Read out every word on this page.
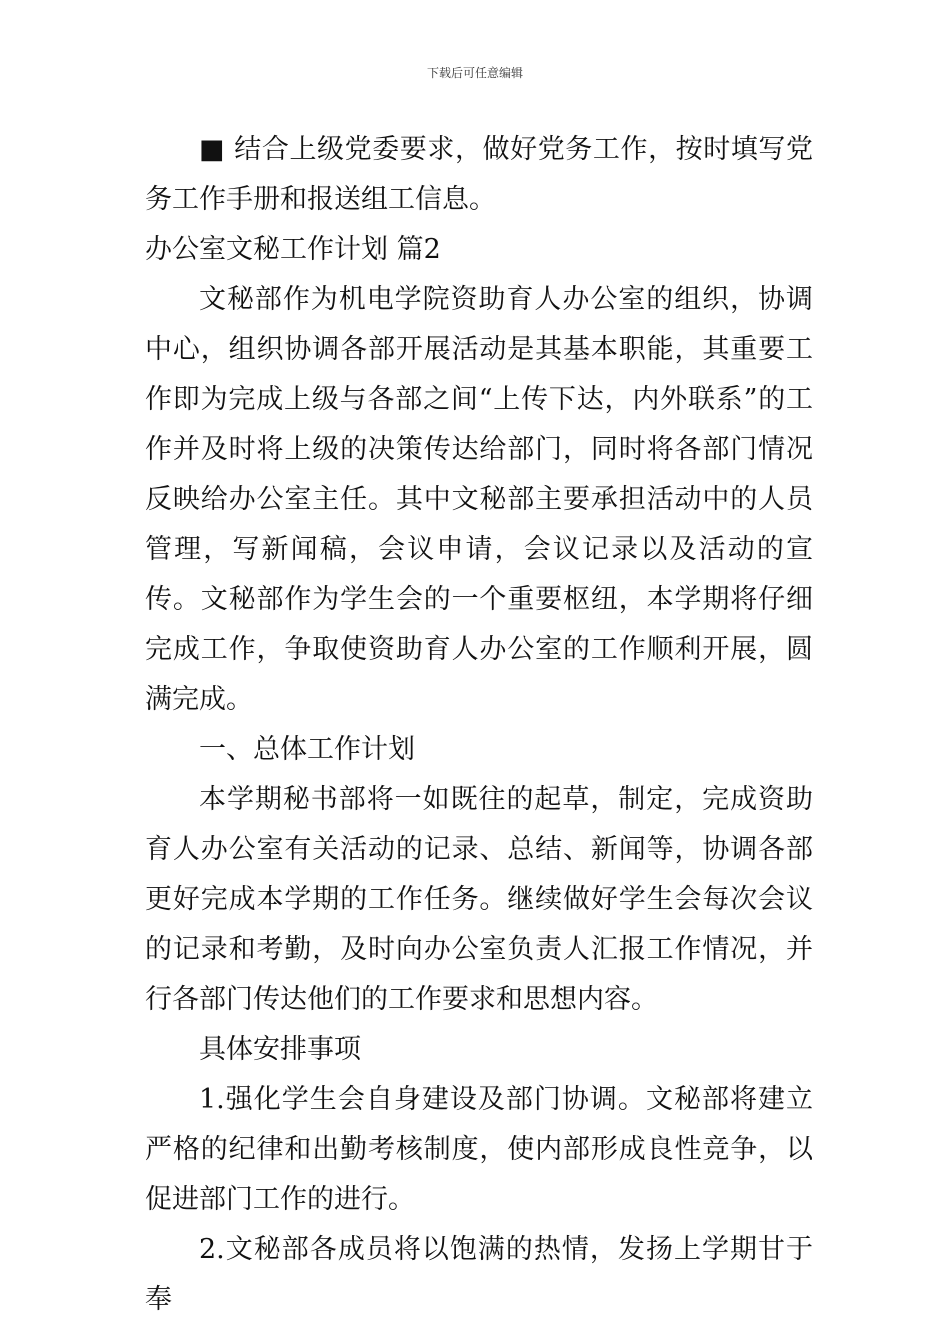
下载后可任意编辑

■ 结合上级党委要求，做好党务工作，按时填写党务工作手册和报送组工信息。

办公室文秘工作计划 篇2

文秘部作为机电学院资助育人办公室的组织，协调中心，组织协调各部开展活动是其基本职能，其重要工作即为完成上级与各部之间“上传下达，内外联系”的工作并及时将上级的决策传达给部门，同时将各部门情况反映给办公室主任。其中文秘部主要承担活动中的人员管理，写新闻稿，会议申请，会议记录以及活动的宣传。文秘部作为学生会的一个重要枢纽，本学期将仔细完成工作，争取使资助育人办公室的工作顺利开展，圆满完成。

一、总体工作计划

本学期秘书部将一如既往的起草，制定，完成资助育人办公室有关活动的记录、总结、新闻等，协调各部更好完成本学期的工作任务。继续做好学生会每次会议的记录和考勤，及时向办公室负责人汇报工作情况，并行各部门传达他们的工作要求和思想内容。

具体安排事项

1.强化学生会自身建设及部门协调。文秘部将建立严格的纪律和出勤考核制度，使内部形成良性竞争，以促进部门工作的进行。

2.文秘部各成员将以饱满的热情，发扬上学期甘于奉
